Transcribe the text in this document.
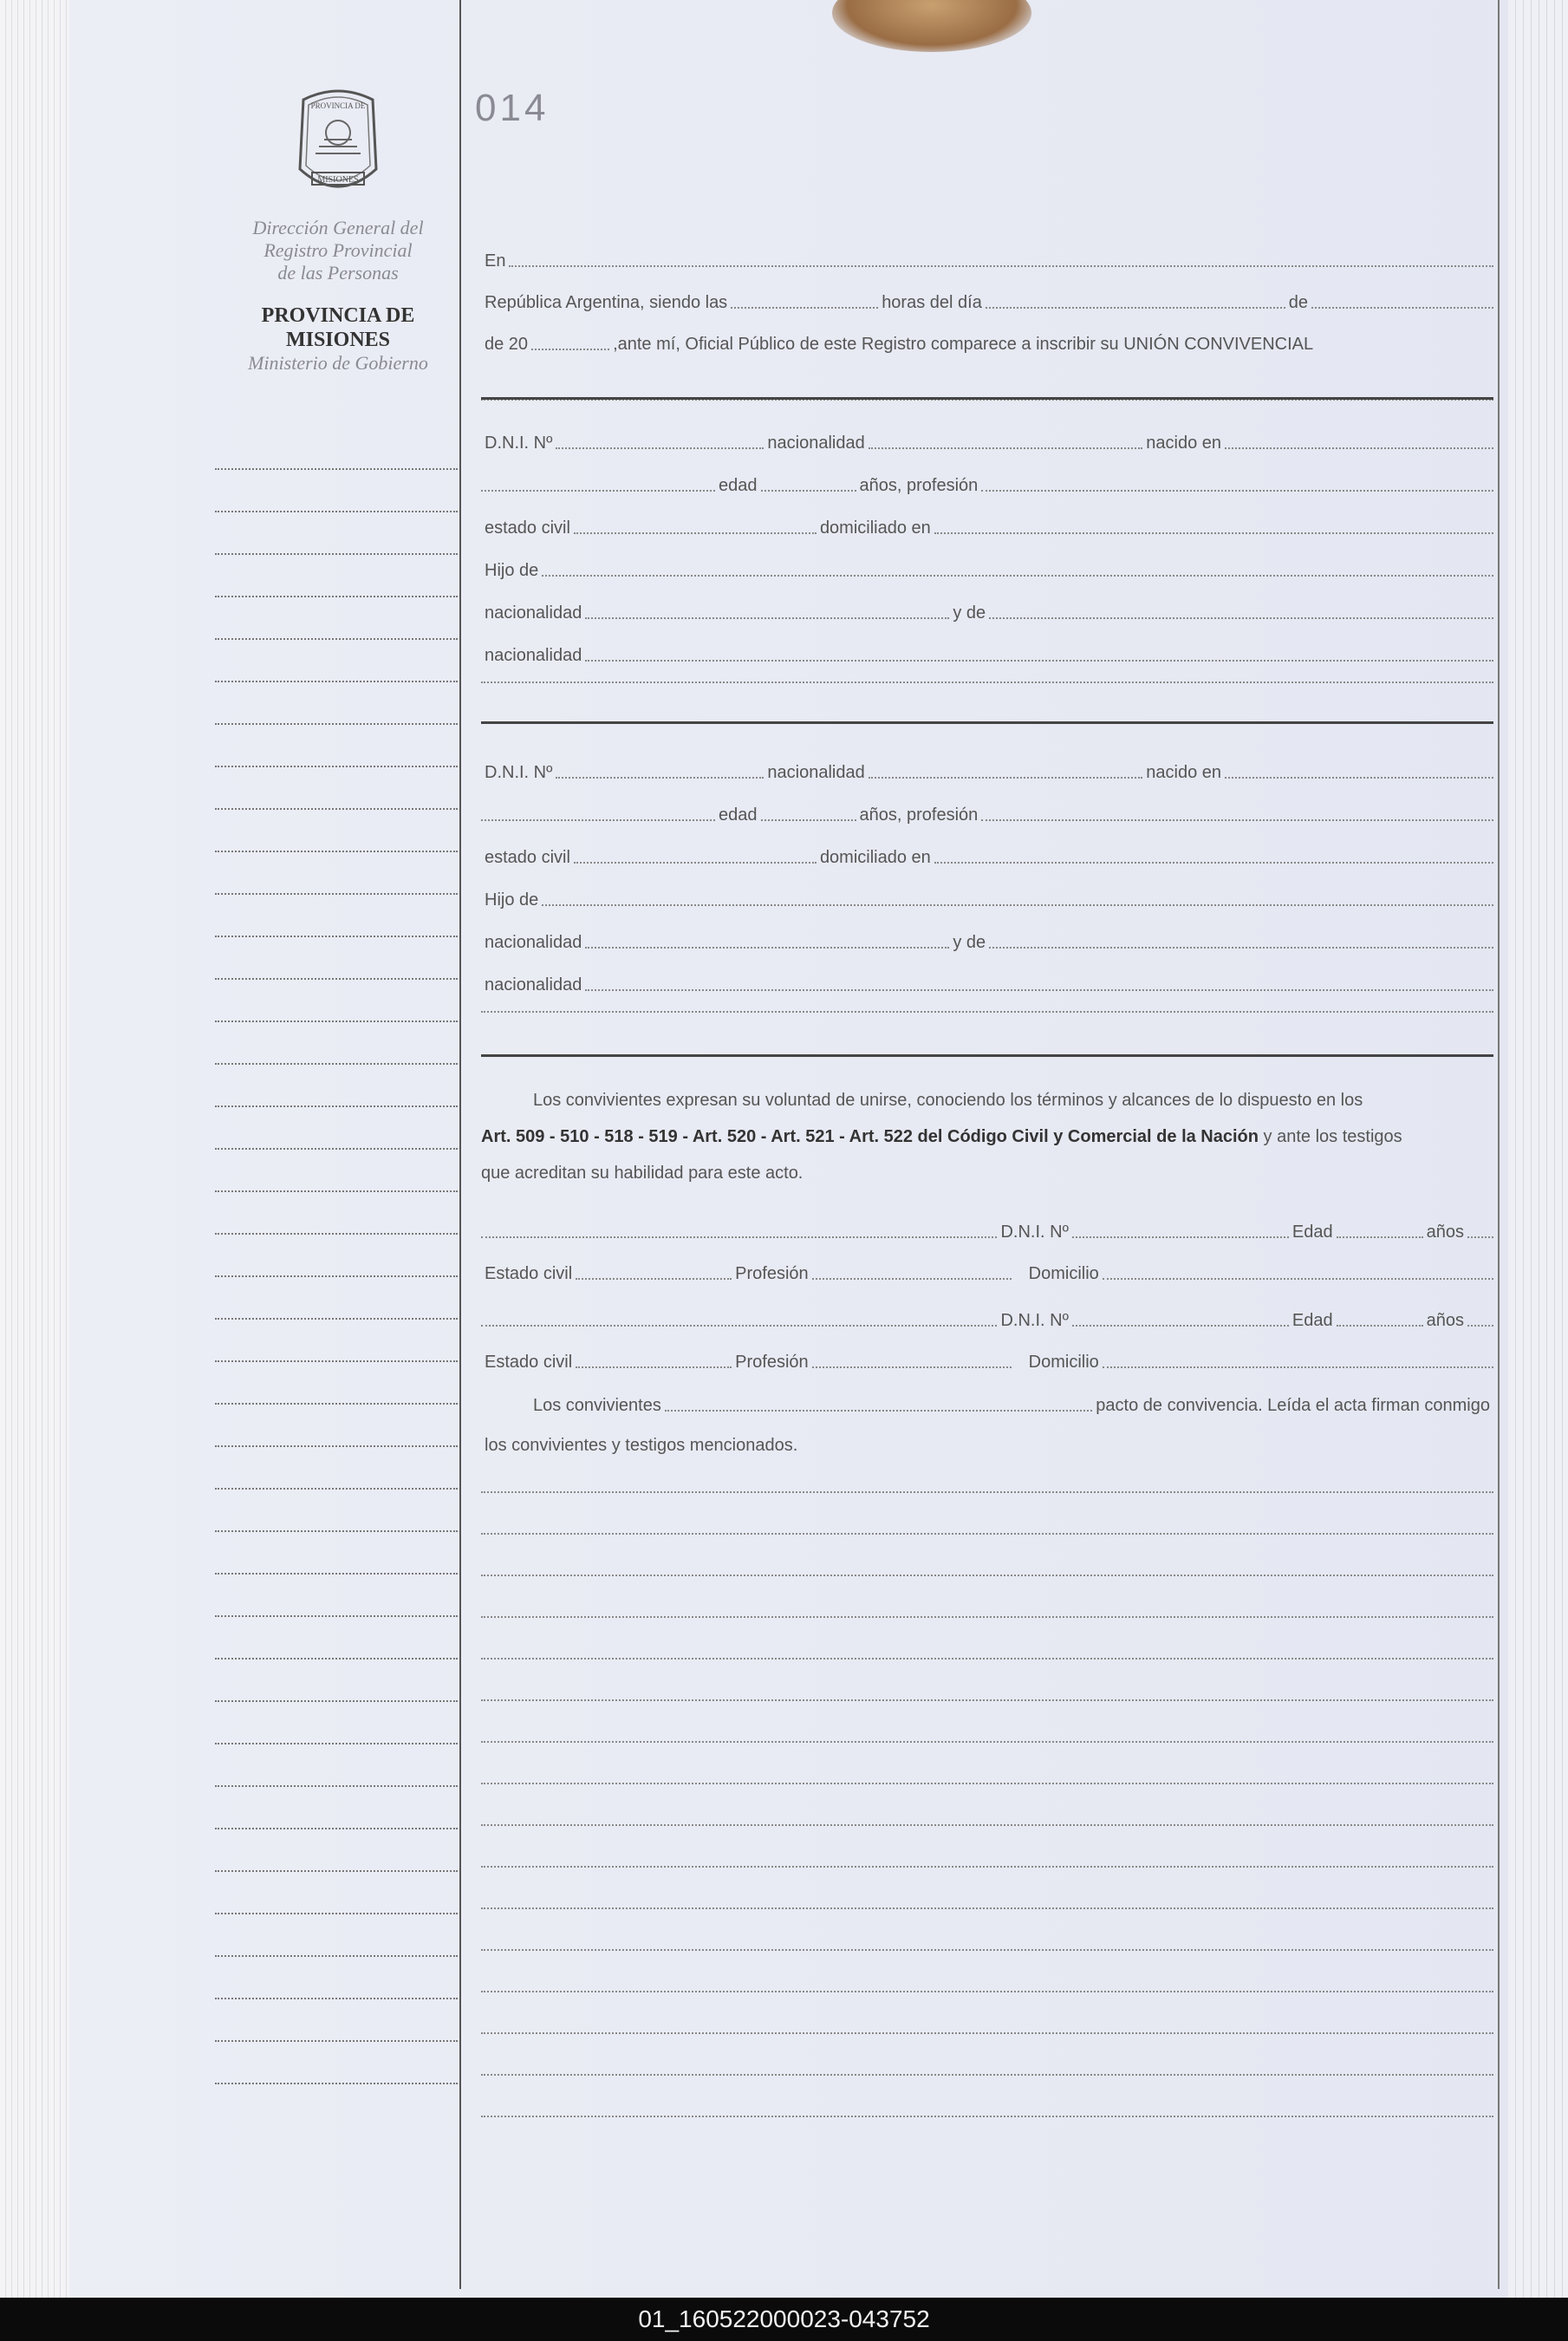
PROVINCIA DE
MISIONES
Dirección General del
Registro Provincial
de las Personas
PROVINCIA DE
MISIONES
Ministerio de Gobierno
014
En
República Argentina, siendo las	horas del día	de
de 20	,ante mí, Oficial Público de este Registro comparece a inscribir su UNIÓN CONVIVENCIAL
D.N.I. Nº	nacionalidad	nacido en
edad	años, profesión
estado civil	domiciliado en
Hijo de
nacionalidad	y de
nacionalidad
D.N.I. Nº	nacionalidad	nacido en
edad	años, profesión
estado civil	domiciliado en
Hijo de
nacionalidad	y de
nacionalidad
Los convivientes expresan su voluntad de unirse, conociendo los términos y alcances de lo dispuesto en los
Art. 509 - 510 - 518 - 519 - Art. 520 - Art. 521 - Art. 522 del Código Civil y Comercial de la Nación y ante los testigos
que acreditan su habilidad para este acto.
D.N.I. Nº	Edad	años
Estado civil	Profesión	Domicilio
D.N.I. Nº	Edad	años
Estado civil	Profesión	Domicilio
Los convivientes	pacto de convivencia. Leída el acta firman conmigo
los convivientes y testigos mencionados.
01_160522000023-043752
